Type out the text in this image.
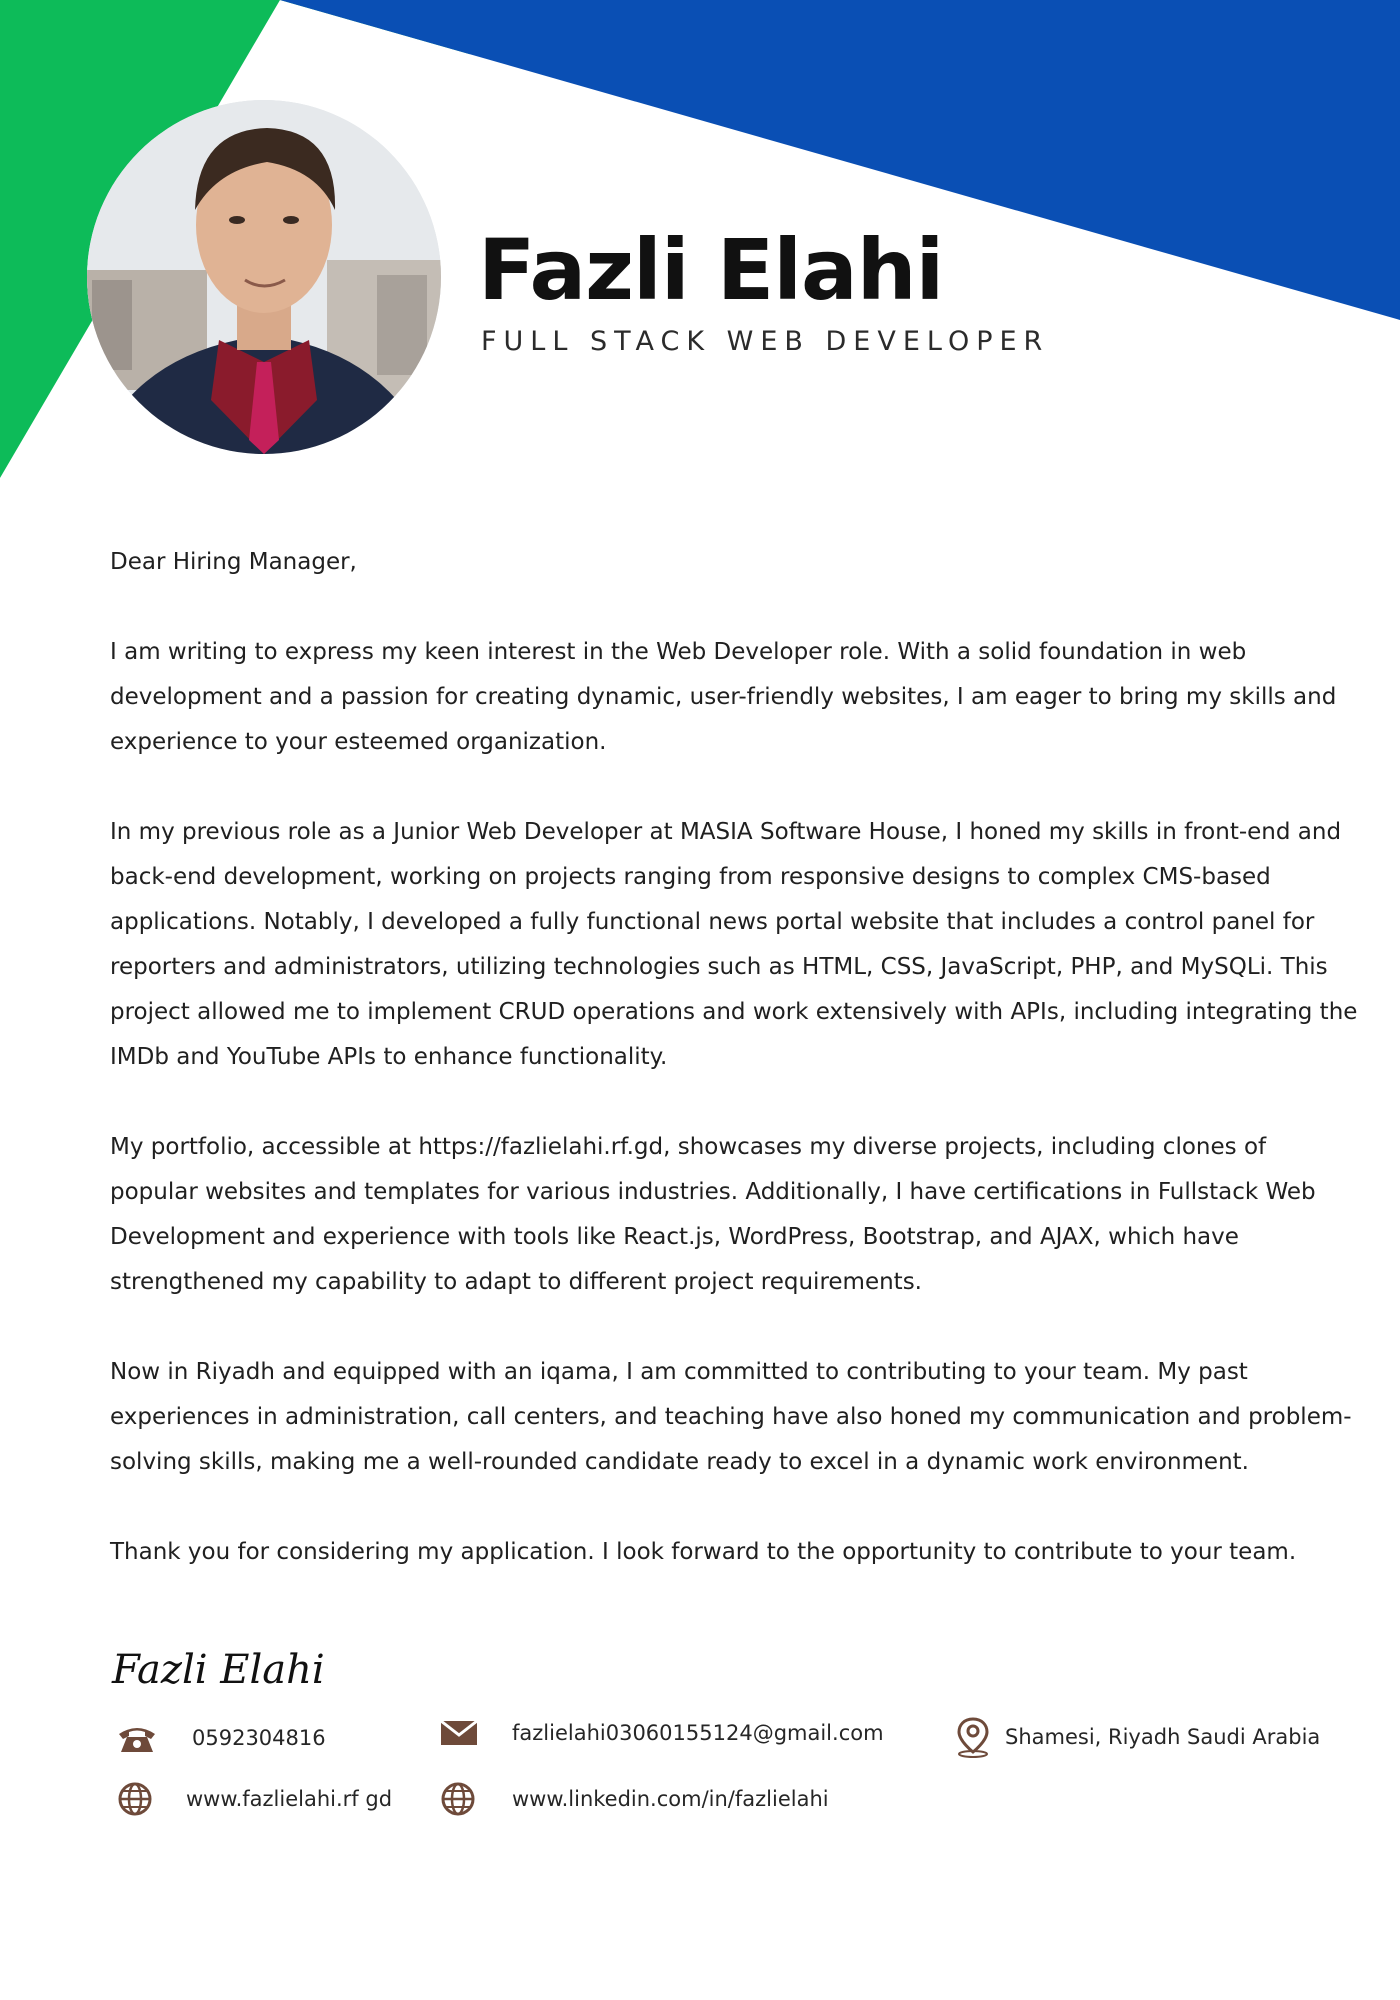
Fazli Elahi
FULL STACK WEB DEVELOPER

Dear Hiring Manager,

I am writing to express my keen interest in the Web Developer role. With a solid foundation in web development and a passion for creating dynamic, user-friendly websites, I am eager to bring my skills and experience to your esteemed organization.

In my previous role as a Junior Web Developer at MASIA Software House, I honed my skills in front-end and back-end development, working on projects ranging from responsive designs to complex CMS-based applications. Notably, I developed a fully functional news portal website that includes a control panel for reporters and administrators, utilizing technologies such as HTML, CSS, JavaScript, PHP, and MySQLi. This project allowed me to implement CRUD operations and work extensively with APIs, including integrating the IMDb and YouTube APIs to enhance functionality.

My portfolio, accessible at https://fazlielahi.rf.gd, showcases my diverse projects, including clones of popular websites and templates for various industries. Additionally, I have certifications in Fullstack Web Development and experience with tools like React.js, WordPress, Bootstrap, and AJAX, which have strengthened my capability to adapt to different project requirements.

Now in Riyadh and equipped with an iqama, I am committed to contributing to your team. My past experiences in administration, call centers, and teaching have also honed my communication and problem-solving skills, making me a well-rounded candidate ready to excel in a dynamic work environment.

Thank you for considering my application. I look forward to the opportunity to contribute to your team.

Fazli Elahi
0592304816	fazlielahi03060155124@gmail.com	Shamesi, Riyadh Saudi Arabia
www.fazlielahi.rf gd	www.linkedin.com/in/fazlielahi
